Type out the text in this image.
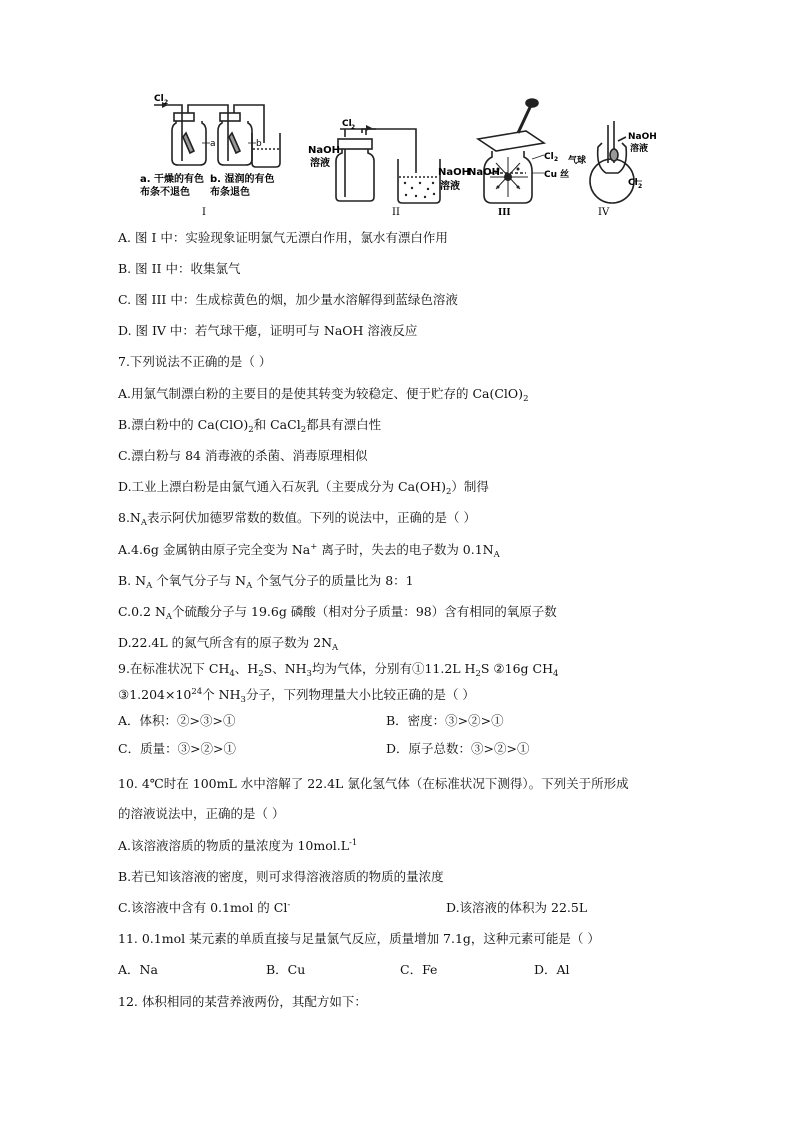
Cl 2
a	b
a. 干燥的有色
布条不退色
b. 湿润的有色
布条退色
I
Cl 2
NaOH
溶液
NaOH
溶液
II
Cl 2
Cu 丝
NaOH
III
气球
NaOH
溶液
Cl 2
IV
A. 图 I 中：实验现象证明氯气无漂白作用，氯水有漂白作用
B. 图 II 中：收集氯气
C. 图 III 中：生成棕黄色的烟，加少量水溶解得到蓝绿色溶液
D. 图 IV 中：若气球干瘪，证明可与 NaOH 溶液反应
7.下列说法不正确的是（ ）
A.用氯气制漂白粉的主要目的是使其转变为较稳定、便于贮存的 $Ca(ClO)_2$
B.漂白粉中的 $Ca(ClO)_2$和 CaCl$_2$都具有漂白性
C.漂白粉与 84 消毒液的杀菌、消毒原理相似
D.工业上漂白粉是由氯气通入石灰乳（主要成分为 $Ca(OH)_2$）制得
$8.N_A$表示阿伏加德罗常数的数值。下列的说法中，正确的是（ ）
A.4.6g 金属钠由原子完全变为 Na+ 离子时，失去的电子数为 $0.1N_A$
B. $N_A$ 个氧气分子与 $N_A$ 个氢气分子的质量比为 8：1
C.0.2 $N_A$个硫酸分子与 19.6g 磷酸（相对分子质量：98）含有相同的氧原子数
D.22.4L 的氮气所含有的原子数为 $2N_A$
9.在标准状况下 $CH_4$、$H_2S$、$NH_3$均为气体，分别有①11.2L $H_2S$ ②16g $CH_4$
$③1.204\times 10^{24}$个 $NH_3$分子，下列物理量大小比较正确的是（ ）
A．体积：②>③>①	B．密度：③>②>①
C．质量：③>②>①	D．原子总数：③>②>①
10. 4℃时在 100mL 水中溶解了 22.4L 氯化氢气体（在标准状况下测得）。下列关于所形成
的溶液说法中，正确的是（ ）
A.该溶液溶质的物质的量浓度为 $10mol.L^{-1}$
B.若已知该溶液的密度，则可求得溶液溶质的物质的量浓度
C.该溶液中含有 0.1mol 的 Cl-	D.该溶液的体积为 22.5L
11. 0.1mol 某元素的单质直接与足量氯气反应，质量增加 7.1g，这种元素可能是（ ）
A．Na	B．Cu	C．Fe	D．Al
12. 体积相同的某营养液两份，其配方如下：
